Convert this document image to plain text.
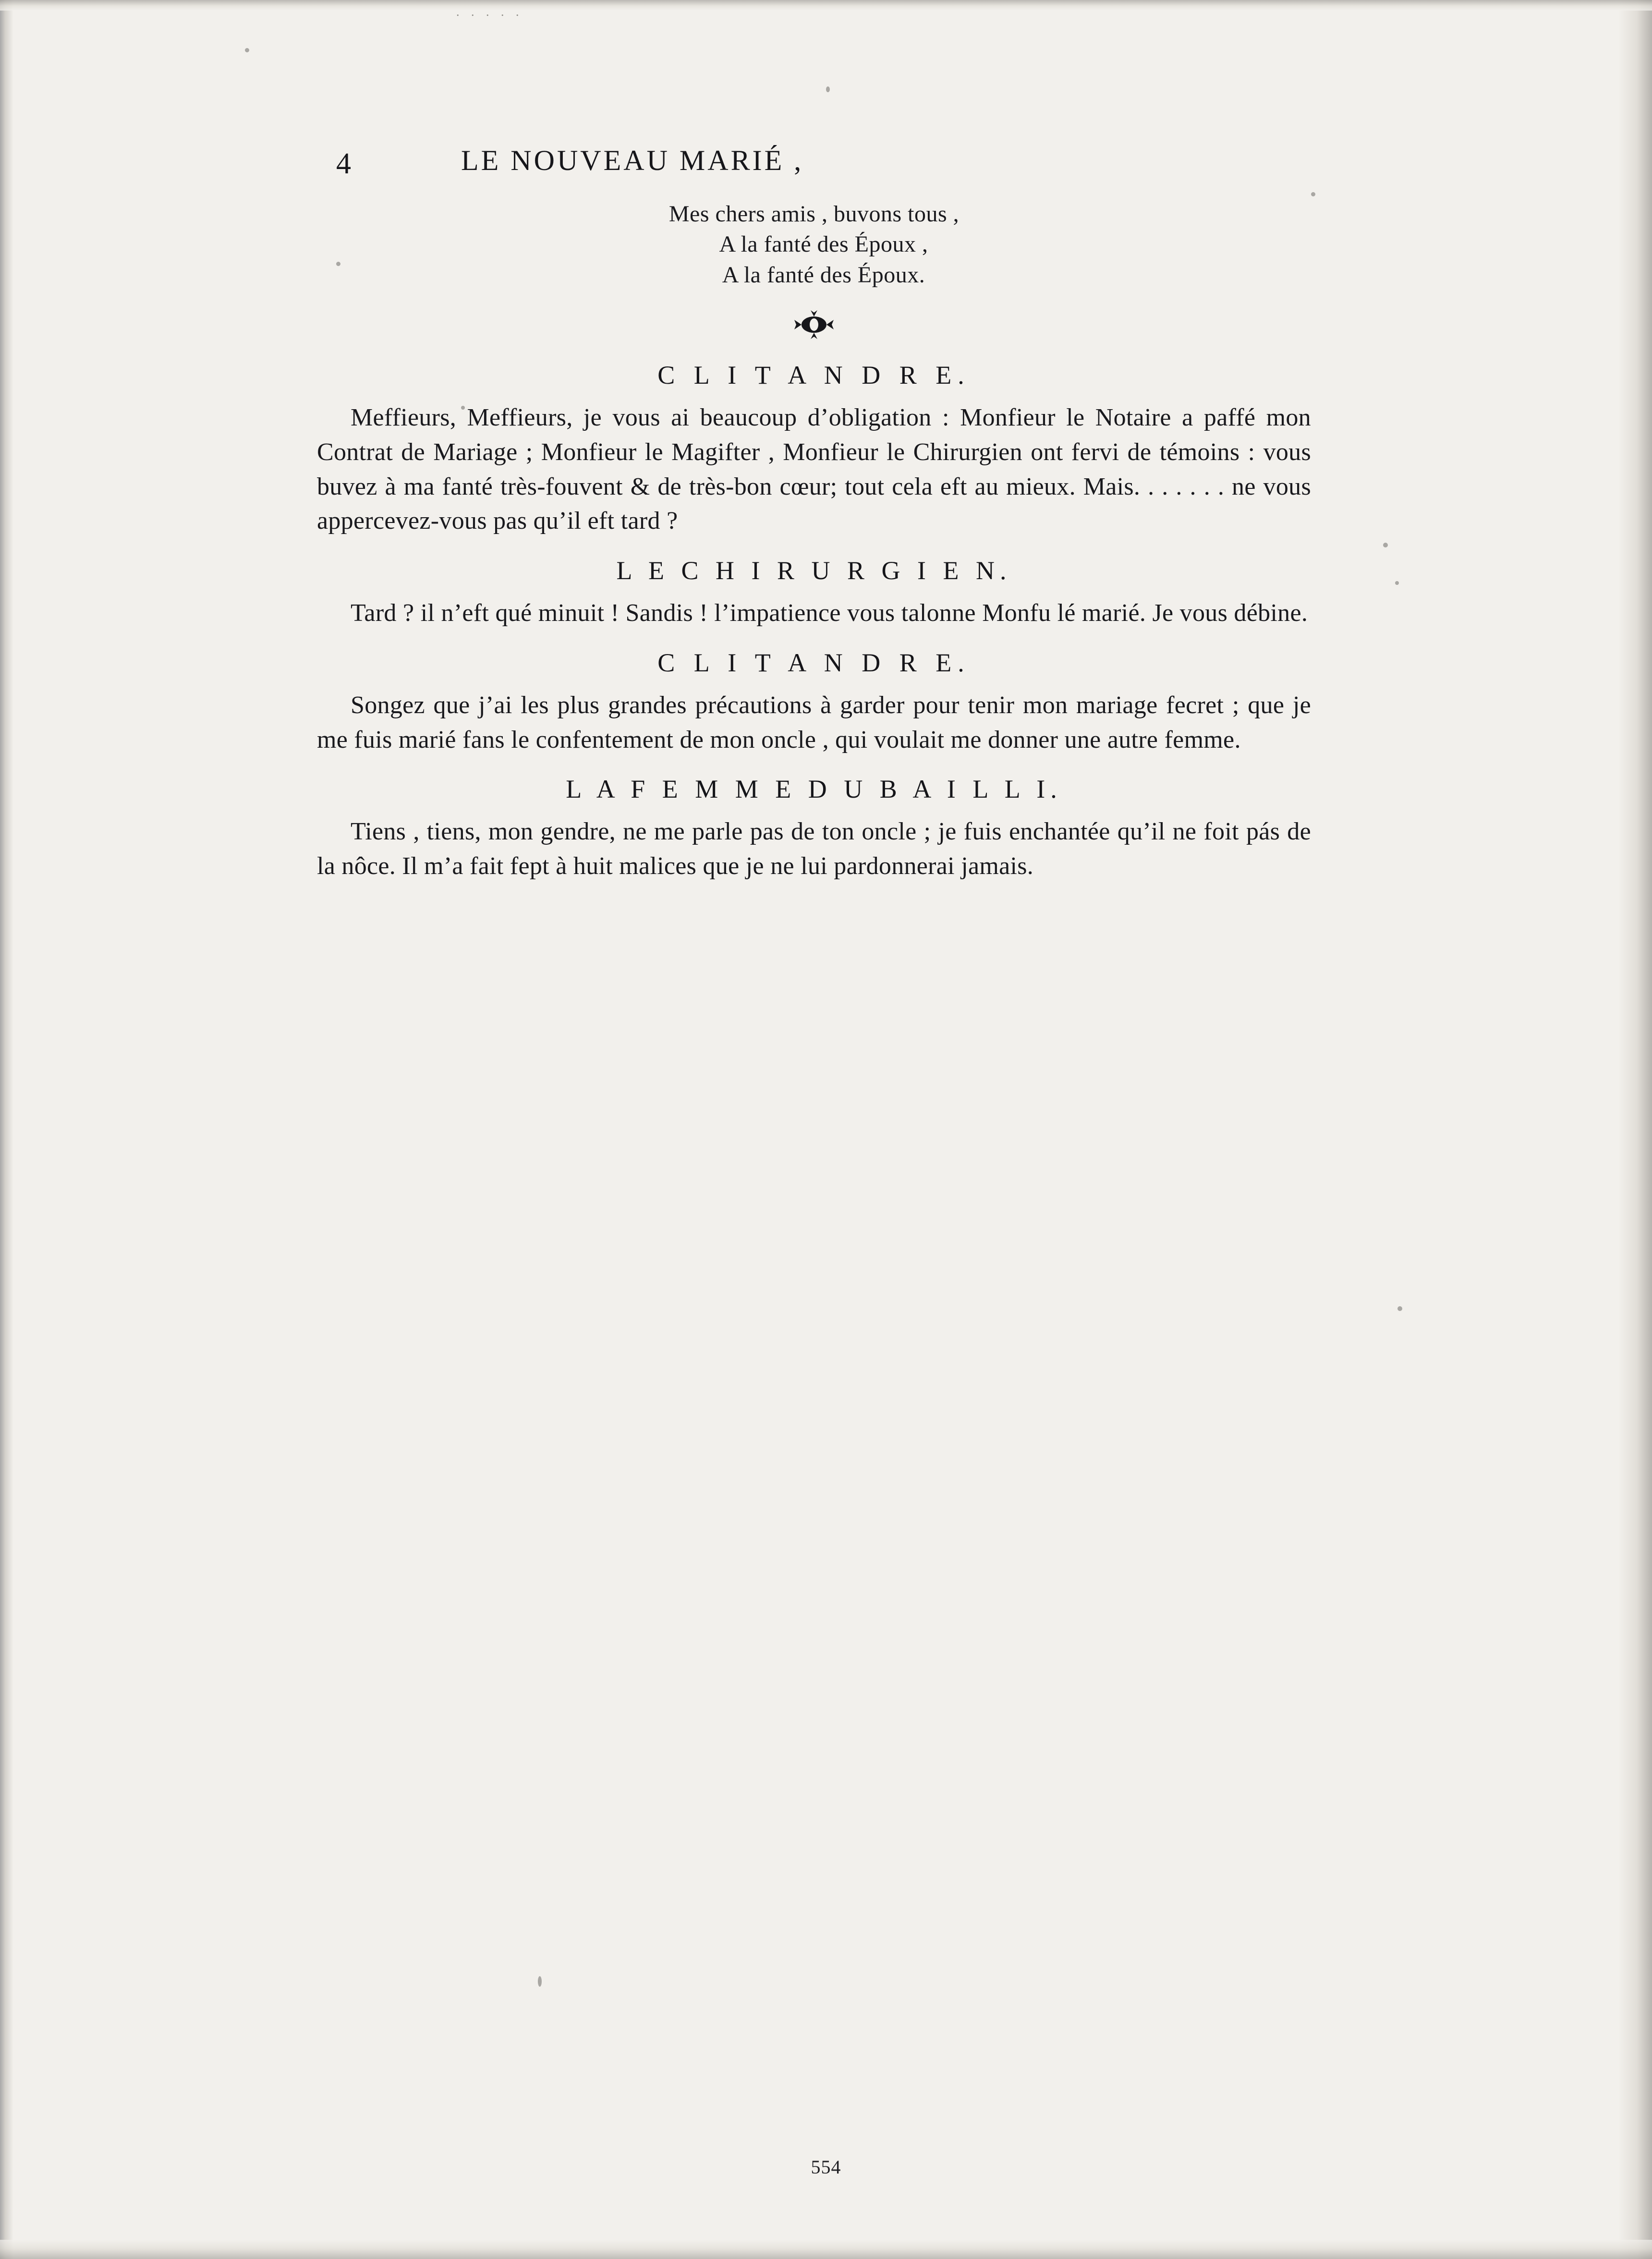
. . . . .
4	LE NOUVEAU MARIÉ ,
Mes chers amis , buvons tous ,
A la fanté des Époux ,
A la fanté des Époux.
C L I T A N D R E.

Meffieurs, Meffieurs, je vous ai beaucoup d’obligation : Monfieur le Notaire a paffé mon Contrat de Mariage ; Monfieur le Magifter , Monfieur le Chirurgien ont fervi de témoins : vous buvez à ma fanté très-fouvent & de très-bon cœur; tout cela eft au mieux. Mais. . . . . . . ne vous appercevez-vous pas qu’il eft tard ?

L E C H I R U R G I E N.

Tard ? il n’eft qué minuit ! Sandis ! l’impatience vous talonne Monfu lé marié. Je vous débine.

C L I T A N D R E.

Songez que j’ai les plus grandes précautions à garder pour tenir mon mariage fecret ; que je me fuis marié fans le confentement de mon oncle , qui voulait me donner une autre femme.

L A F E M M E D U B A I L L I.

Tiens , tiens, mon gendre, ne me parle pas de ton oncle ; je fuis enchantée qu’il ne foit pás de la nôce. Il m’a fait fept à huit malices que je ne lui pardonnerai jamais.

554
